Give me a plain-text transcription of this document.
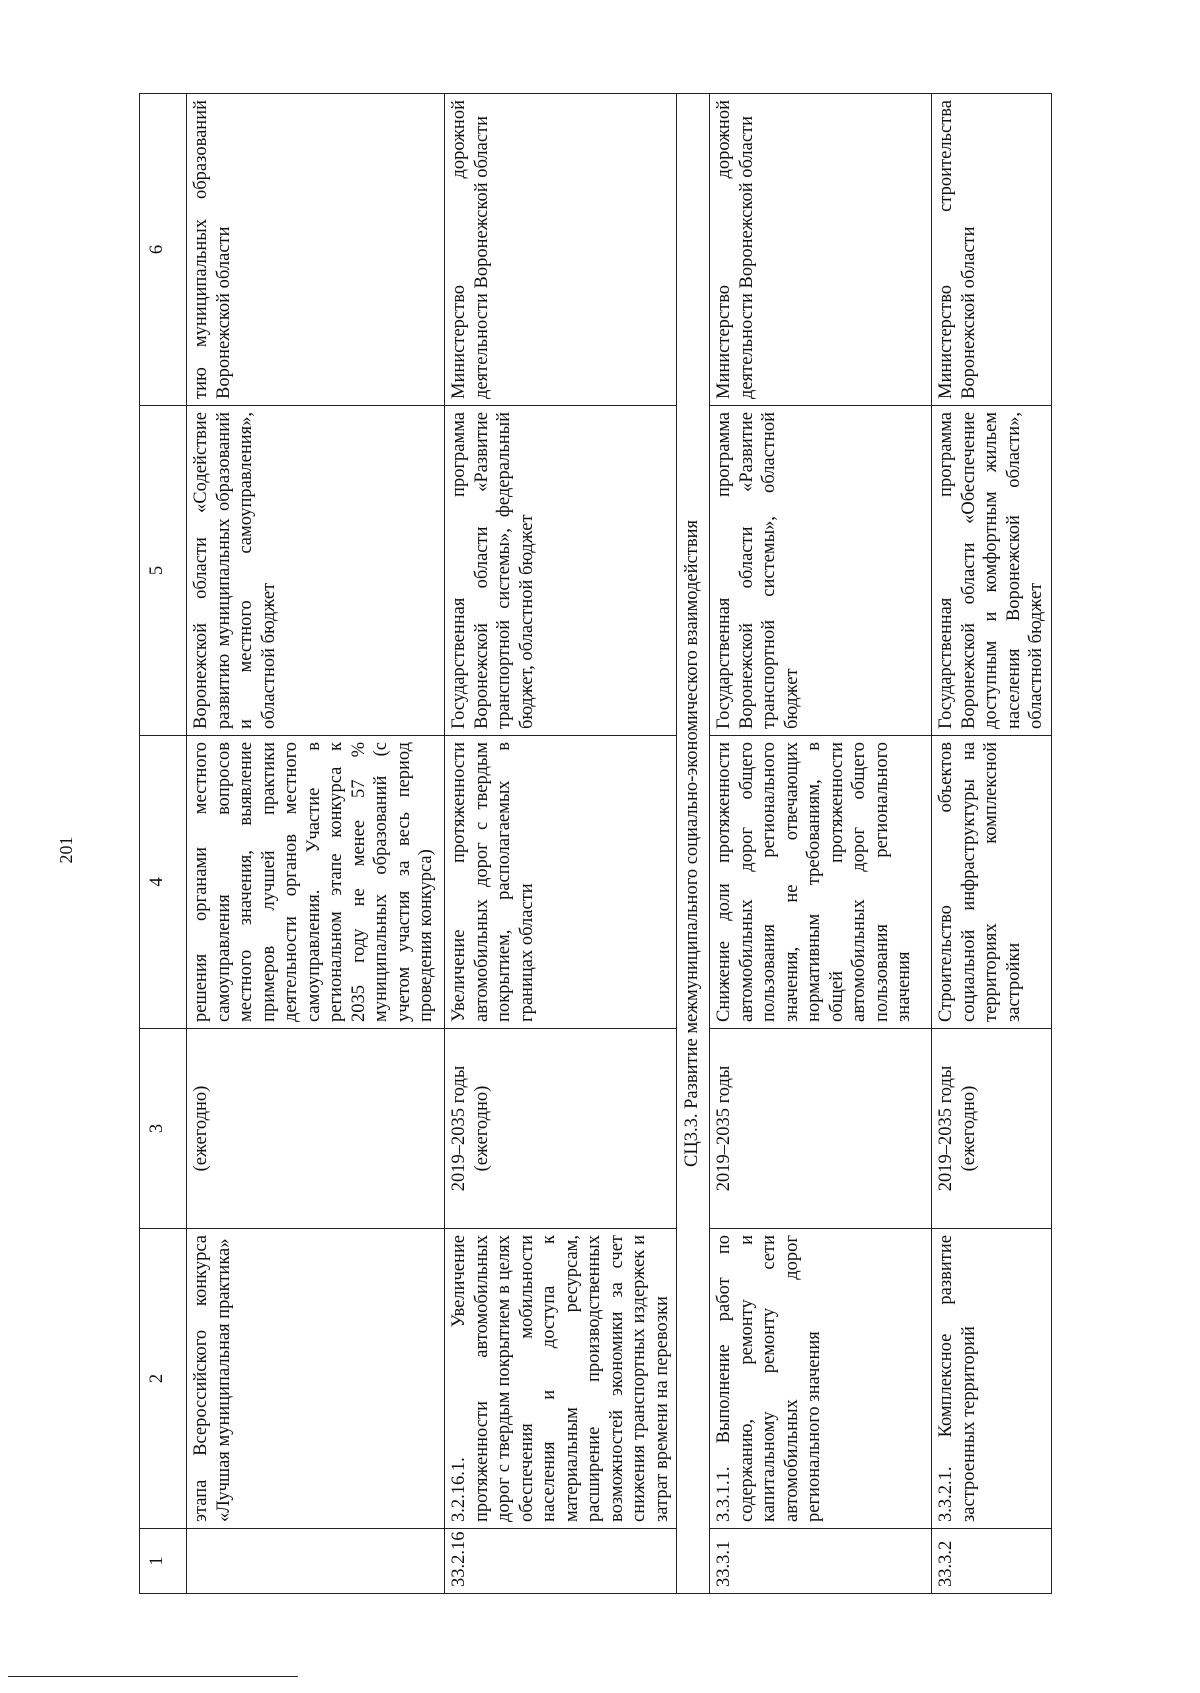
201
1	2	3	4	5	6
	этапа Всероссийского конкурса «Лучшая муниципальная практика»	(ежегодно)	решения органами местного самоуправления вопросов местного значения, выявление примеров лучшей практики деятельности органов местного самоуправления. Участие в региональном этапе конкурса к 2035 году не менее 57 % муниципальных образований (с учетом участия за весь период проведения конкурса)	Воронежской области «Содействие развитию муниципальных образований и местного самоуправления», областной бюджет	тию муниципальных образований Воронежской области
33.2.16	3.2.16.1. Увеличение протяженности автомобильных дорог с твердым покрытием в целях обеспечения мобильности населения и доступа к материальным ресурсам, расширение производственных возможностей экономики за счет снижения транспортных издержек и затрат времени на перевозки	2019–2035 годы (ежегодно)	Увеличение протяженности автомобильных дорог с твердым покрытием, располагаемых в границах области	Государственная программа Воронежской области «Развитие транспортной системы», федеральный бюджет, областной бюджет	Министерство дорожной деятельности Воронежской области
СЦ3.3. Развитие межмуниципального социально-экономического взаимодействия					
33.3.1	3.3.1.1. Выполнение работ по содержанию, ремонту и капитальному ремонту сети автомобильных дорог регионального значения	2019–2035 годы	Снижение доли протяженности автомобильных дорог общего пользования регионального значения, не отвечающих нормативным требованиям, в общей протяженности автомобильных дорог общего пользования регионального значения	Государственная программа Воронежской области «Развитие транспортной системы», областной бюджет	Министерство дорожной деятельности Воронежской области
33.3.2	3.3.2.1. Комплексное развитие застроенных территорий	2019–2035 годы (ежегодно)	Строительство объектов социальной инфраструктуры на территориях комплексной застройки	Государственная программа Воронежской области «Обеспечение доступным и комфортным жильем населения Воронежской области», областной бюджет	Министерство строительства Воронежской области
